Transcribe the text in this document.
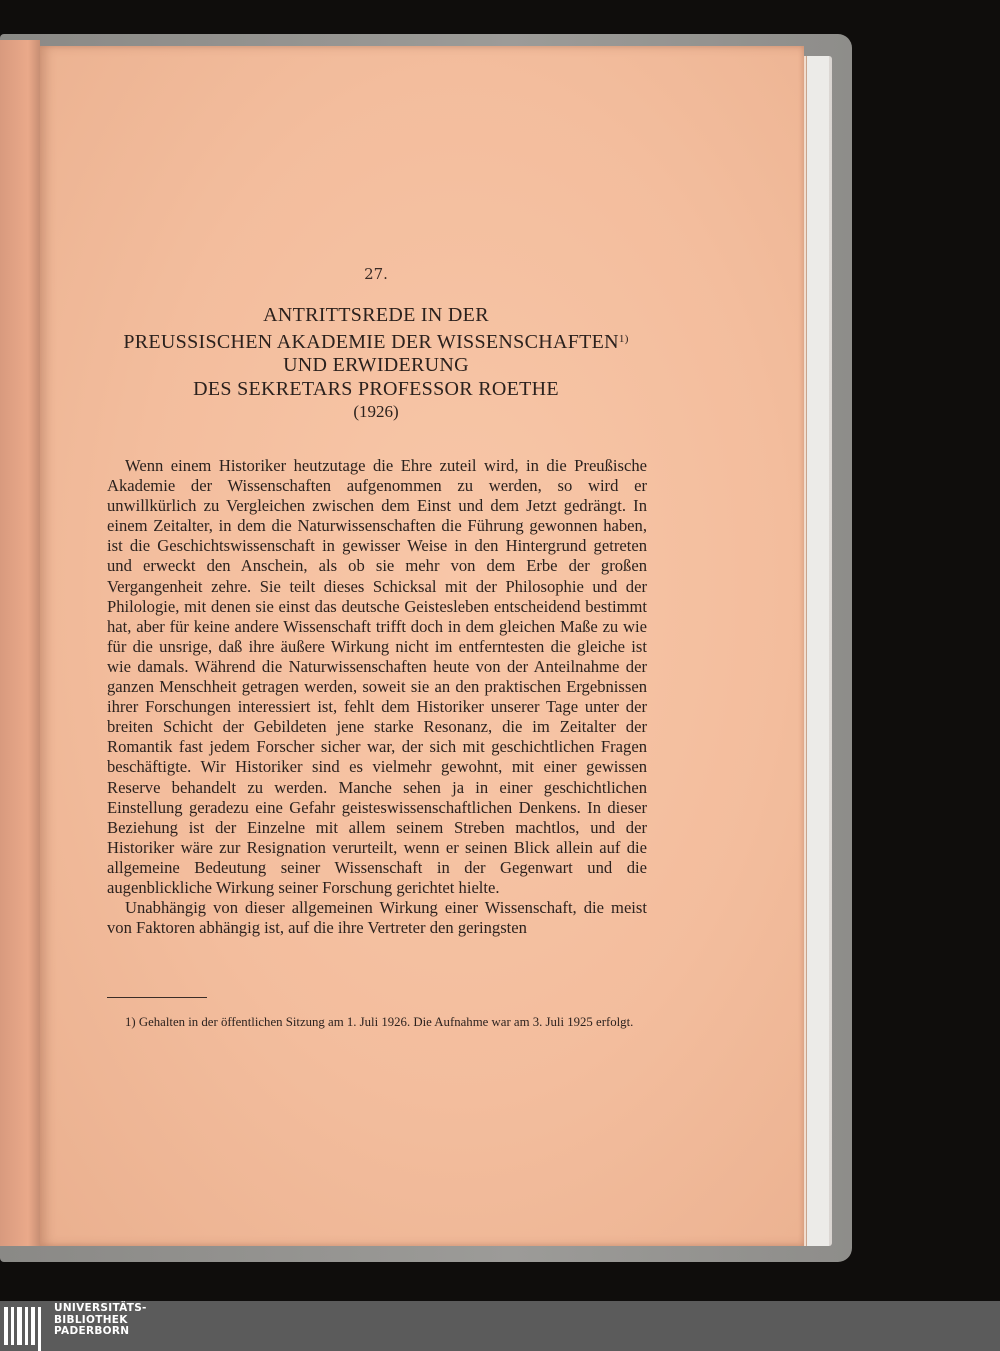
27.
ANTRITTSREDE IN DER
PREUSSISCHEN AKADEMIE DER WISSENSCHAFTEN$^{1)}$
UND ERWIDERUNG
DES SEKRETARS PROFESSOR ROETHE
(1926)

Wenn einem Historiker heutzutage die Ehre zuteil wird, in die Preußische Akademie der Wissenschaften aufgenommen zu werden, so wird er unwillkürlich zu Vergleichen zwischen dem Einst und dem Jetzt gedrängt. In einem Zeitalter, in dem die Naturwissenschaften die Führung gewonnen haben, ist die Geschichtswissenschaft in gewisser Weise in den Hintergrund getreten und erweckt den Anschein, als ob sie mehr von dem Erbe der großen Vergangenheit zehre. Sie teilt dieses Schicksal mit der Philosophie und der Philologie, mit denen sie einst das deutsche Geistesleben entscheidend bestimmt hat, aber für keine andere Wissenschaft trifft doch in dem gleichen Maße zu wie für die unsrige, daß ihre äußere Wirkung nicht im entferntesten die gleiche ist wie damals. Während die Naturwissenschaften heute von der Anteilnahme der ganzen Menschheit getragen werden, soweit sie an den praktischen Ergebnissen ihrer Forschungen interessiert ist, fehlt dem Historiker unserer Tage unter der breiten Schicht der Gebildeten jene starke Resonanz, die im Zeitalter der Romantik fast jedem Forscher sicher war, der sich mit geschichtlichen Fragen beschäftigte. Wir Historiker sind es vielmehr gewohnt, mit einer gewissen Reserve behandelt zu werden. Manche sehen ja in einer geschichtlichen Einstellung geradezu eine Gefahr geisteswissenschaftlichen Denkens. In dieser Beziehung ist der Einzelne mit allem seinem Streben machtlos, und der Historiker wäre zur Resignation verurteilt, wenn er seinen Blick allein auf die allgemeine Bedeutung seiner Wissenschaft in der Gegenwart und die augenblickliche Wirkung seiner Forschung gerichtet hielte.

Unabhängig von dieser allgemeinen Wirkung einer Wissenschaft, die meist von Faktoren abhängig ist, auf die ihre Vertreter den geringsten

1) Gehalten in der öffentlichen Sitzung am 1. Juli 1926. Die Aufnahme war am 3. Juli 1925 erfolgt.

UNIVERSITÄTS-
BIBLIOTHEK
PADERBORN
